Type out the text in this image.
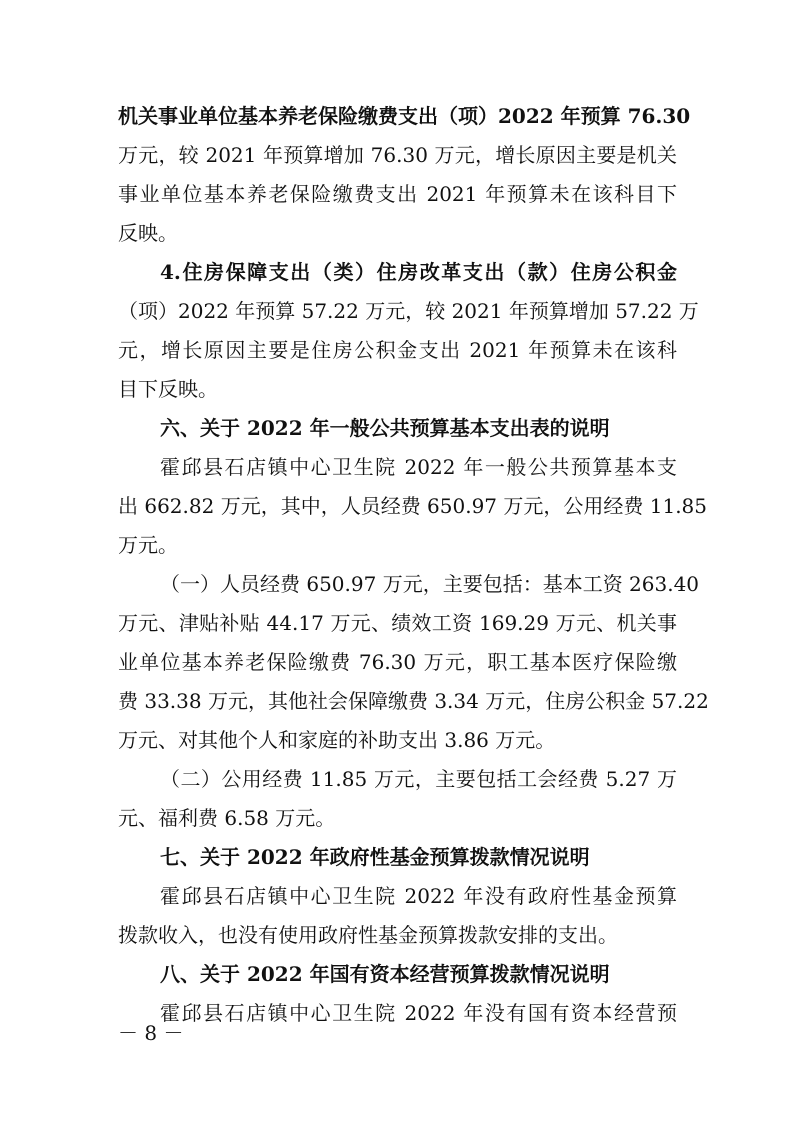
机关事业单位基本养老保险缴费支出（项）2022 年预算 76.30

万元，较 2021 年预算增加 76.30 万元，增长原因主要是机关

事业单位基本养老保险缴费支出 2021 年预算未在该科目下

反映。

4.住房保障支出（类）住房改革支出（款）住房公积金

（项）2022 年预算 57.22 万元，较 2021 年预算增加 57.22 万

元，增长原因主要是住房公积金支出 2021 年预算未在该科

目下反映。

六、关于 2022 年一般公共预算基本支出表的说明

霍邱县石店镇中心卫生院 2022 年一般公共预算基本支

出 662.82 万元，其中，人员经费 650.97 万元，公用经费 11.85

万元。

（一）人员经费 650.97 万元，主要包括：基本工资 263.40

万元、津贴补贴 44.17 万元、绩效工资 169.29 万元、机关事

业单位基本养老保险缴费 76.30 万元，职工基本医疗保险缴

费 33.38 万元，其他社会保障缴费 3.34 万元，住房公积金 57.22

万元、对其他个人和家庭的补助支出 3.86 万元。

（二）公用经费 11.85 万元，主要包括工会经费 5.27 万

元、福利费 6.58 万元。

七、关于 2022 年政府性基金预算拨款情况说明

霍邱县石店镇中心卫生院 2022 年没有政府性基金预算

拨款收入，也没有使用政府性基金预算拨款安排的支出。

八、关于 2022 年国有资本经营预算拨款情况说明

霍邱县石店镇中心卫生院 2022 年没有国有资本经营预

－ 8 －
